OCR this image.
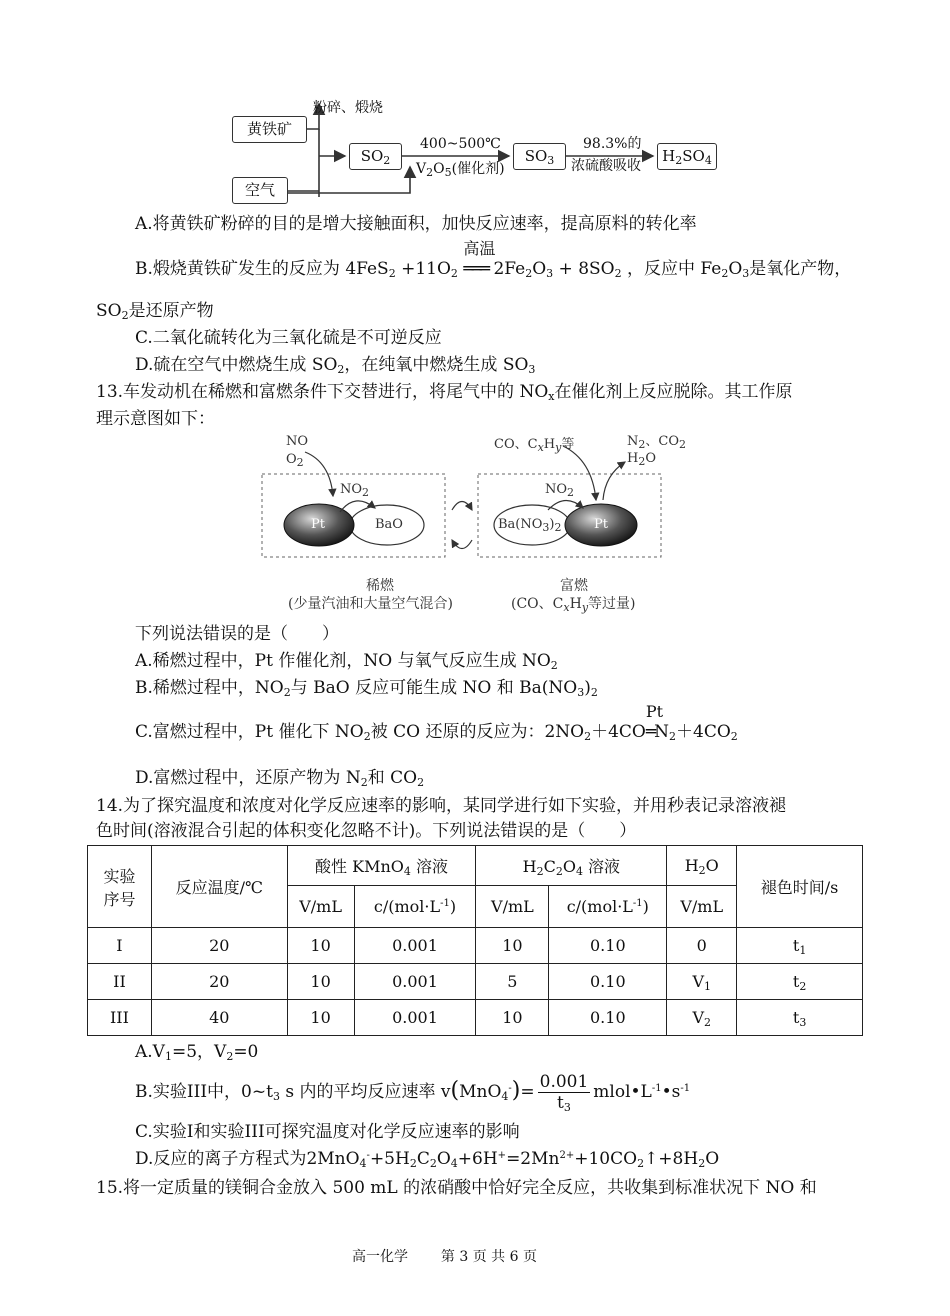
黄铁矿
空气
粉碎、煅烧
$SO_2$
400~500℃
$V_2O_5$(催化剂)
$SO_3$
98.3%的
浓硫酸吸收
$H_2SO_4$
A.将黄铁矿粉碎的目的是增大接触面积，加快反应速率，提高原料的转化率
B.煅烧黄铁矿发生的反应为 $4FeS_2 +11O_2$
高温
═══ $2Fe_2O_3 + 8SO_2$ ，反应中 $Fe_2O_3$是氧化产物，
$SO_2$是还原产物
C.二氧化硫转化为三氧化硫是不可逆反应
D.硫在空气中燃烧生成 $SO_2$，在纯氧中燃烧生成 $SO_3$
13.车发动机在稀燃和富燃条件下交替进行，将尾气中的 $NO_x$在催化剂上反应脱除。其工作原
理示意图如下：
NO
$O_2$
$NO_2$
Pt	BaO
CO、$C_xH_y$等	$N_2$、$CO_2$
$H_2O$
$NO_2$
$Ba(NO_3)_2$	Pt
稀燃
(少量汽油和大量空气混合)
富燃
(CO、$C_xH_y$等过量)
下列说法错误的是（　　）
A.稀燃过程中，Pt 作催化剂，NO 与氧气反应生成 $NO_2$
B.稀燃过程中，$NO_2$与 BaO 反应可能生成 NO 和 $Ba(NO_3)_2$
C.富燃过程中，Pt 催化下 $NO_2$被 CO 还原的反应为：$2NO_2+4CO$
Pt
$═N_2+4CO_2$
D.富燃过程中，还原产物为 $N_2$和 $CO_2$
14.为了探究温度和浓度对化学反应速率的影响，某同学进行如下实验，并用秒表记录溶液褪
色时间(溶液混合引起的体积变化忽略不计)。下列说法错误的是（　　）
实验
序号	反应温度/℃	酸性 KMnO$_4$ 溶液		$H_2C_2O_4$ 溶液		$H_2O$	褪色时间/s
		V/mL	$c/(mol\cdot L^{-1})$	V/mL	$c/(mol\cdot L^{-1})$	V/mL	
I	20	10	0.001	10	0.10	0	$t_1$
II	20	10	0.001	5	0.10	$V_1$	$t_2$
III	40	10	0.001	10	0.10	$V_2$	$t_3$
$A.V_1=5$，$V_2=0$
B.实验III中，$0\sim t_3$ s 内的平均反应速率 $v(MnO_4^-)= \frac{0.001}{t_3}$ $mlol•L^{-1}•s^{-1}$
C.实验I和实验III可探究温度对化学反应速率的影响
D.反应的离子方程式为$2MnO_4^-+5H_2C_2O_4+6H^+=2Mn^{2+}+10CO_2↑+8H_2O$
15.将一定质量的镁铜合金放入 500 mL 的浓硝酸中恰好完全反应，共收集到标准状况下 NO 和
高一化学 第 3 页 共 6 页
